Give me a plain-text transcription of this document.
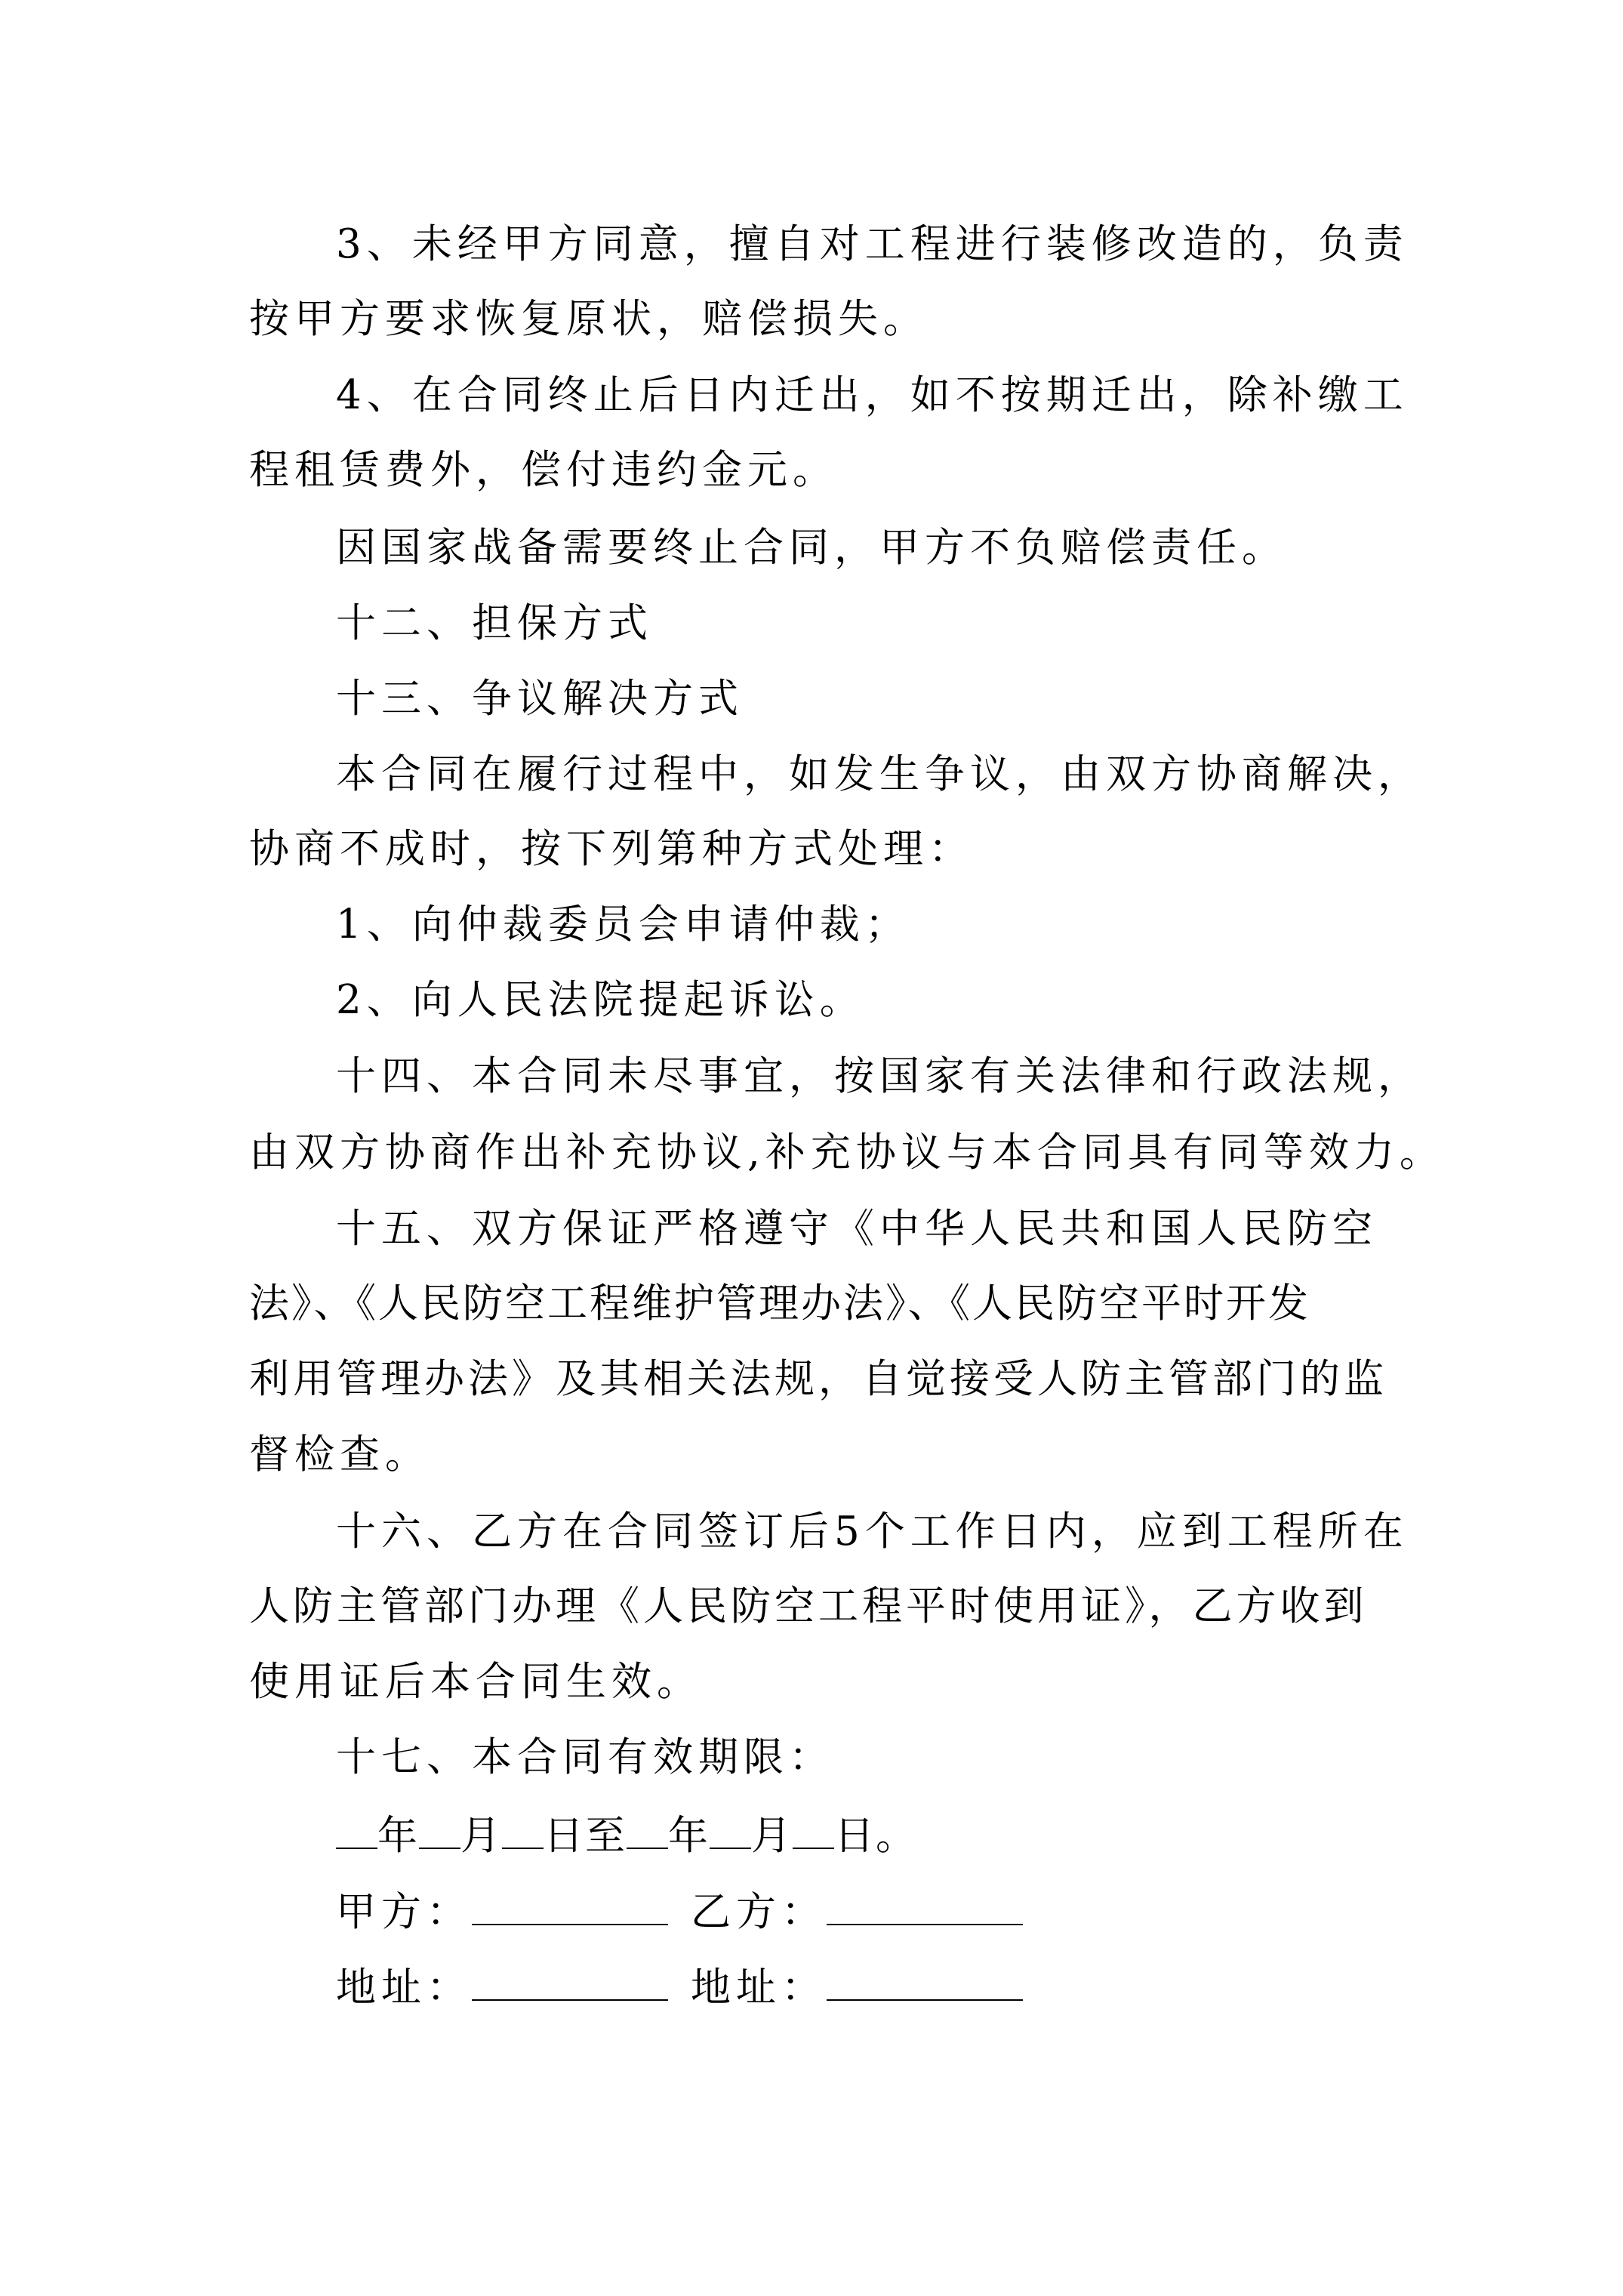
3、未经甲方同意，擅自对工程进行装修改造的，负责
按甲方要求恢复原状，赔偿损失。
4、在合同终止后日内迁出，如不按期迁出，除补缴工
程租赁费外，偿付违约金元。
因国家战备需要终止合同，甲方不负赔偿责任。
十二、担保方式
十三、争议解决方式
本合同在履行过程中，如发生争议，由双方协商解决，
协商不成时，按下列第种方式处理：
1、向仲裁委员会申请仲裁；
2、向人民法院提起诉讼。
十四、本合同未尽事宜，按国家有关法律和行政法规，
由双方协商作出补充协议,补充协议与本合同具有同等效力。
十五、双方保证严格遵守《中华人民共和国人民防空
法》、《人民防空工程维护管理办法》、《人民防空平时开发
利用管理办法》及其相关法规，自觉接受人防主管部门的监
督检查。
十六、乙方在合同签订后5个工作日内，应到工程所在
人防主管部门办理《人民防空工程平时使用证》，乙方收到
使用证后本合同生效。
十七、本合同有效期限：
年 月 日至 年 月 日。
甲方：	乙方：
地址：	地址：
